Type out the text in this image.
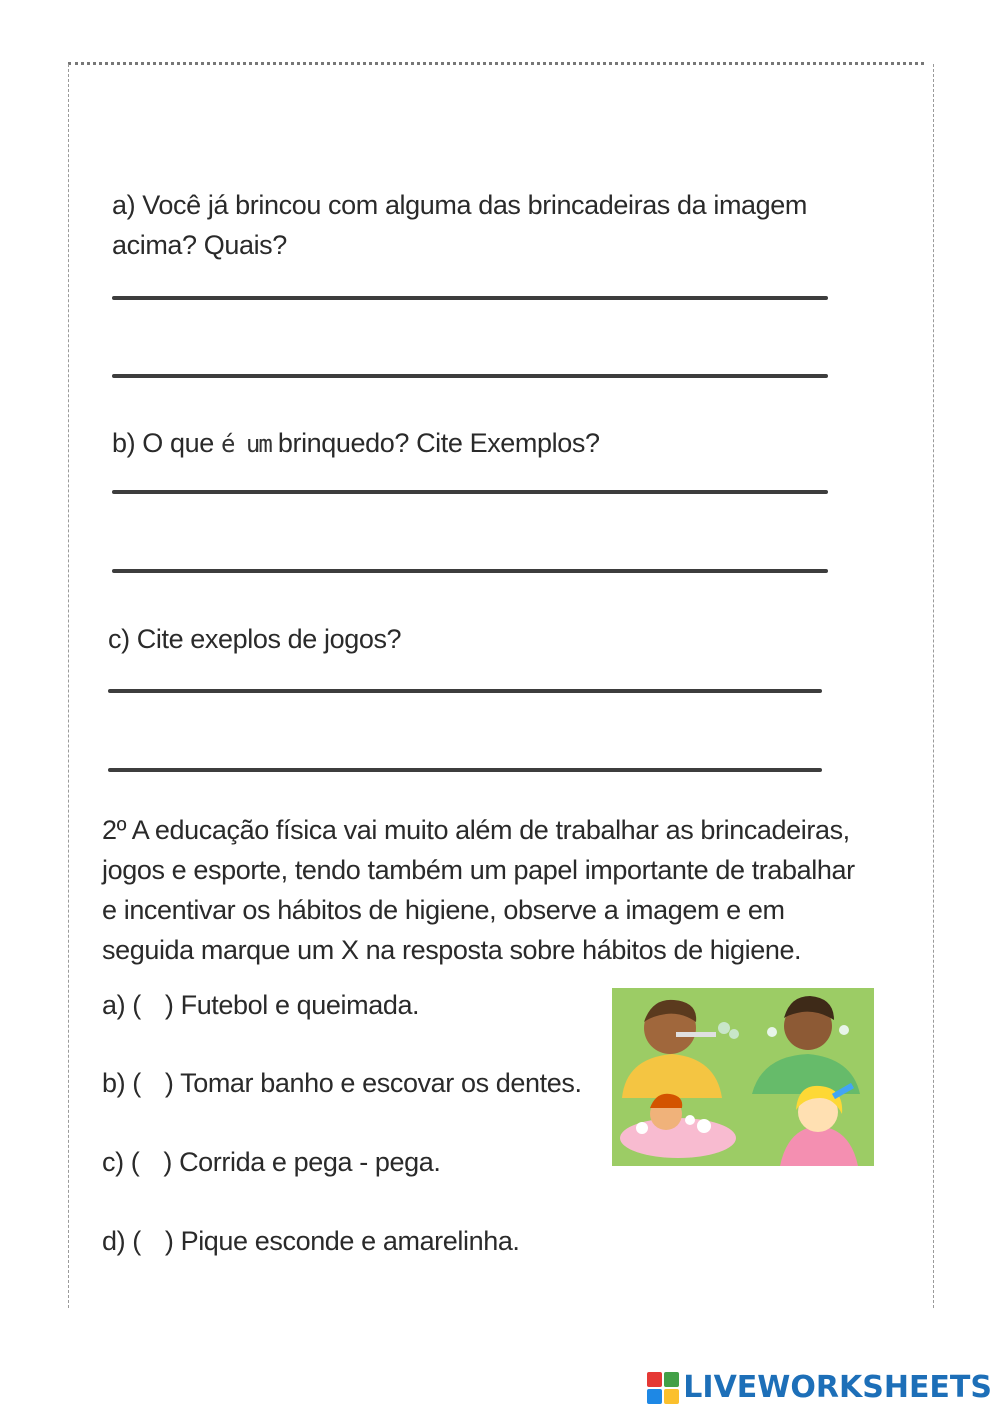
a) Você já brincou com alguma das brincadeiras da imagem
acima? Quais?
b) O que é um brinquedo? Cite Exemplos?
c) Cite exeplos de jogos?
2º A educação física vai muito além de trabalhar as brincadeiras,
jogos e esporte, tendo também um papel importante de trabalhar
e incentivar os hábitos de higiene, observe a imagem e em
seguida marque um X na resposta sobre hábitos de higiene.
a) ( ) Futebol e queimada.
b) ( ) Tomar banho e escovar os dentes.
c) ( ) Corrida e pega - pega.
d) ( ) Pique esconde e amarelinha.
LIVEWORKSHEETS
